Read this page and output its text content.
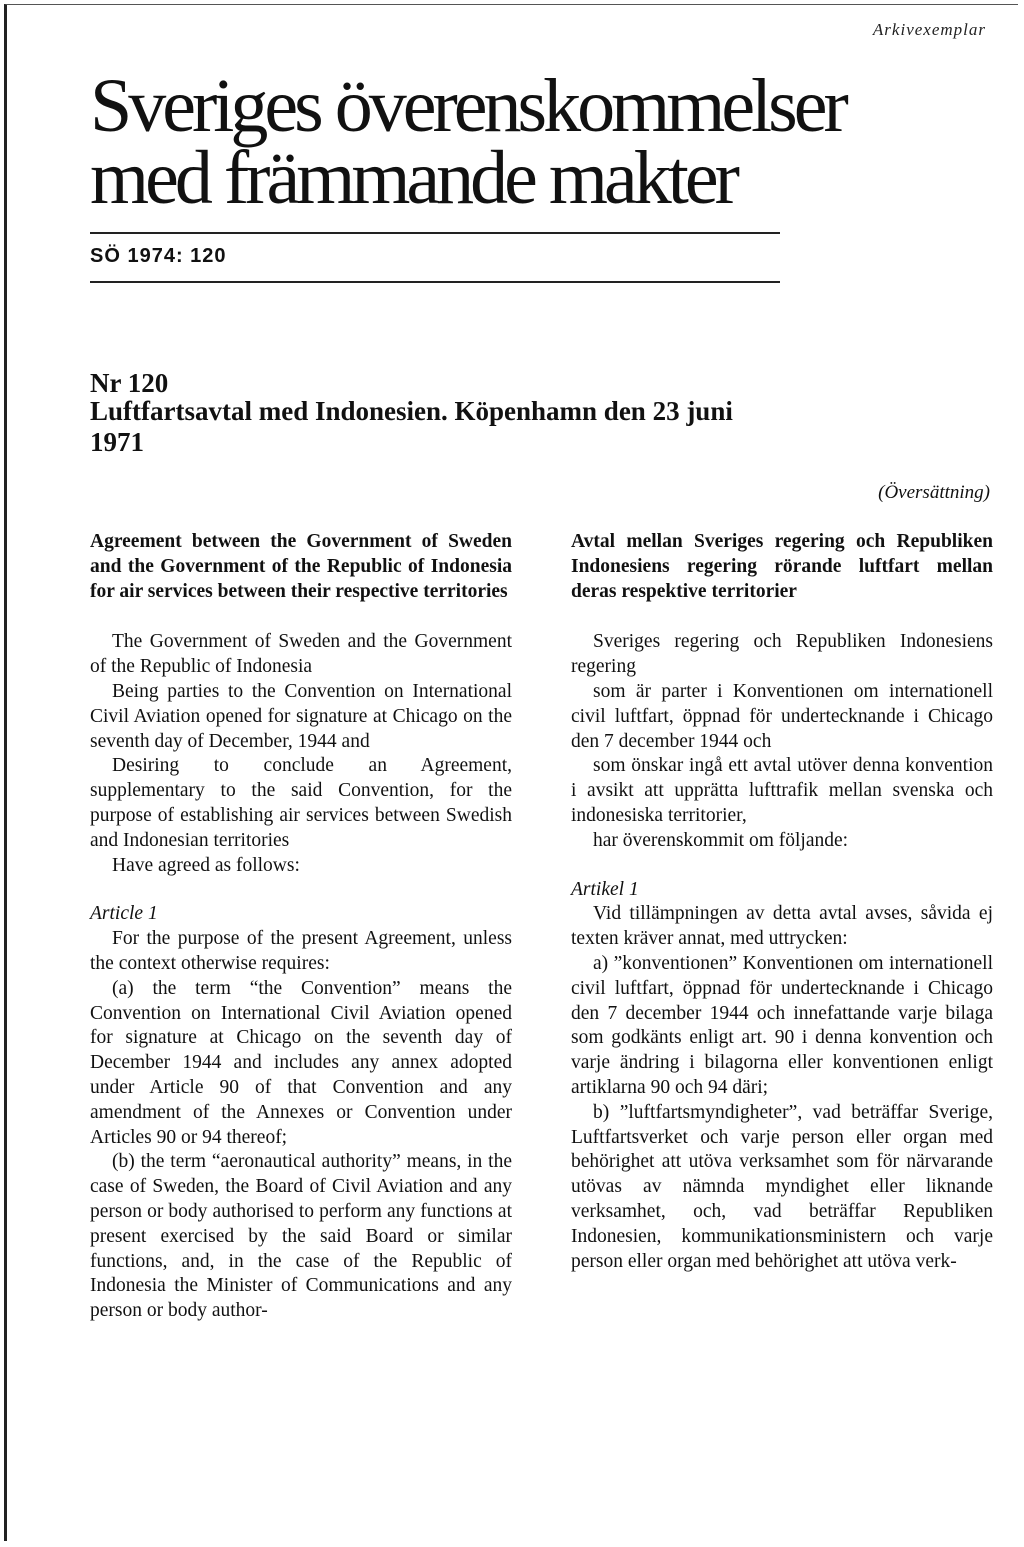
Arkivexemplar
Sveriges överenskommelser
med främmande makter
SÖ 1974: 120
Nr 120
Luftfartsavtal med Indonesien. Köpenhamn den 23 juni 1971
(Översättning)

Agreement between the Government of Sweden and the Government of the Republic of Indonesia for air services between their respective territories

The Government of Sweden and the Government of the Republic of Indonesia

Being parties to the Convention on International Civil Aviation opened for signature at Chicago on the seventh day of December, 1944 and

Desiring to conclude an Agreement, supplementary to the said Convention, for the purpose of establishing air services between Swedish and Indonesian territories

Have agreed as follows:

Article 1

For the purpose of the present Agreement, unless the context otherwise requires:

(a) the term “the Convention” means the Convention on International Civil Aviation opened for signature at Chicago on the seventh day of December 1944 and includes any annex adopted under Article 90 of that Convention and any amendment of the Annexes or Convention under Articles 90 or 94 thereof;

(b) the term “aeronautical authority” means, in the case of Sweden, the Board of Civil Aviation and any person or body authorised to perform any functions at present exercised by the said Board or similar functions, and, in the case of the Republic of Indonesia the Minister of Communications and any person or body author-

Avtal mellan Sveriges regering och Republiken Indonesiens regering rörande luftfart mellan deras respektive territorier

Sveriges regering och Republiken Indonesiens regering

som är parter i Konventionen om internationell civil luftfart, öppnad för undertecknande i Chicago den 7 december 1944 och

som önskar ingå ett avtal utöver denna konvention i avsikt att upprätta lufttrafik mellan svenska och indonesiska territorier,

har överenskommit om följande:

Artikel 1

Vid tillämpningen av detta avtal avses, såvida ej texten kräver annat, med uttrycken:

a) ”konventionen” Konventionen om internationell civil luftfart, öppnad för undertecknande i Chicago den 7 december 1944 och innefattande varje bilaga som godkänts enligt art. 90 i denna konvention och varje ändring i bilagorna eller konventionen enligt artiklarna 90 och 94 däri;

b) ”luftfartsmyndigheter”, vad beträffar Sverige, Luftfartsverket och varje person eller organ med behörighet att utöva verksamhet som för närvarande utövas av nämnda myndighet eller liknande verksamhet, och, vad beträffar Republiken Indonesien, kommunikationsministern och varje person eller organ med behörighet att utöva verk-
